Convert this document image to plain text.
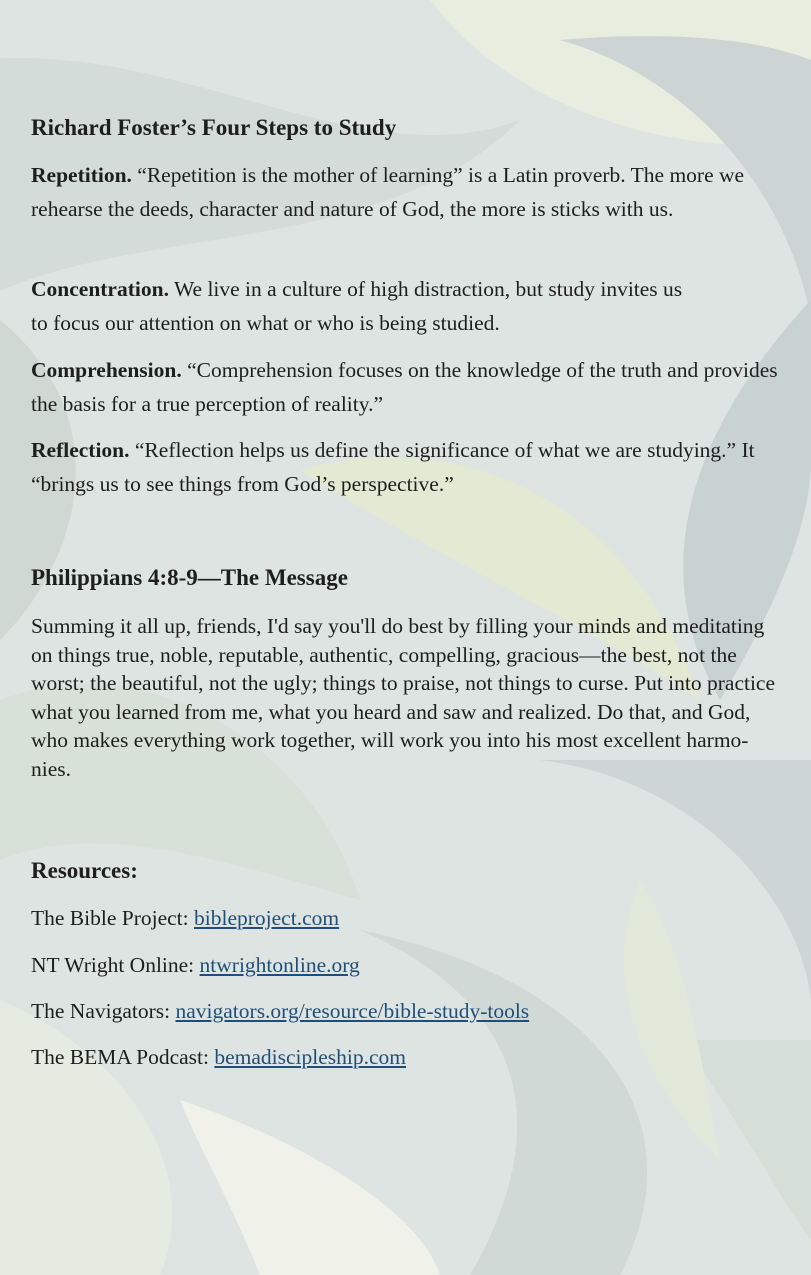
Richard Foster’s Four Steps to Study

Repetition. “Repetition is the mother of learning” is a Latin proverb. The more we rehearse the deeds, character and nature of God, the more is sticks with us.

Concentration. We live in a culture of high distraction, but study invites us to focus our attention on what or who is being studied.

Comprehension. “Comprehension focuses on the knowledge of the truth and provides the basis for a true perception of reality.”

Reflection. “Reflection helps us define the significance of what we are studying.” It “brings us to see things from God’s perspective.”

Philippians 4:8-9—The Message

Summing it all up, friends, I'd say you'll do best by filling your minds and meditating on things true, noble, reputable, authentic, compelling, gracious—the best, not the worst; the beautiful, not the ugly; things to praise, not things to curse. Put into practice what you learned from me, what you heard and saw and realized. Do that, and God, who makes everything work together, will work you into his most excellent harmo-nies.

Resources:
The Bible Project: bibleproject.com
NT Wright Online: ntwrightonline.org
The Navigators: navigators.org/resource/bible-study-tools
The BEMA Podcast: bemadiscipleship.com
